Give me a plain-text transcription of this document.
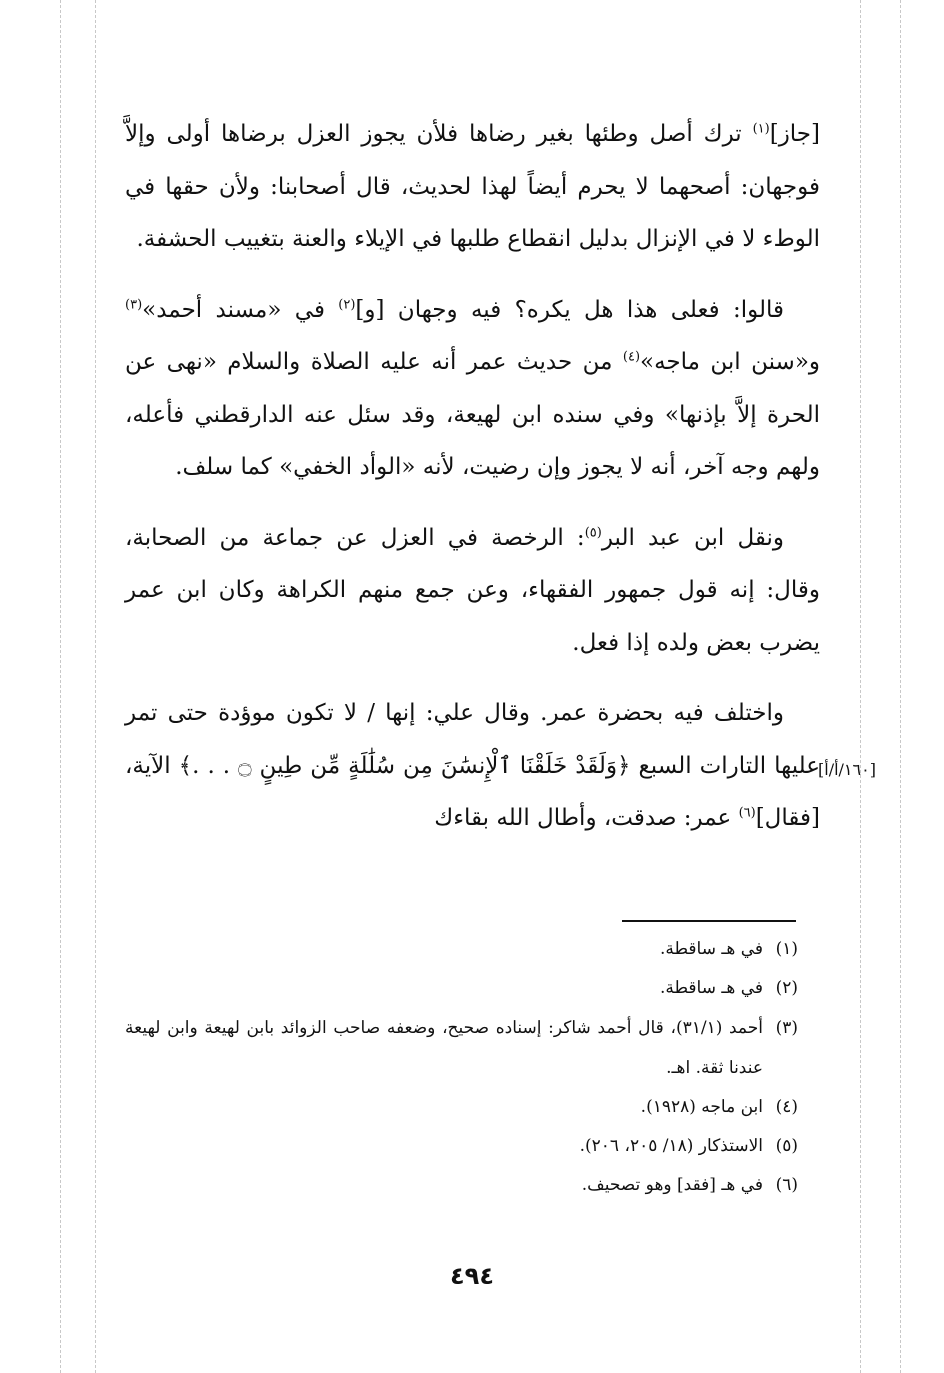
[جاز]$^{(١)}$ ترك أصل وطئها بغير رضاها فلأن يجوز العزل برضاها أولى وإلاَّ فوجهان: أصحهما لا يحرم أيضاً لهذا لحديث، قال أصحابنا: ولأن حقها في الوطء لا في الإنزال بدليل انقطاع طلبها في الإيلاء والعنة بتغييب الحشفة.

قالوا: فعلى هذا هل يكره؟ فيه وجهان [و]$^{(٢)}$ في «مسند أحمد»$^{(٣)}$ و«سنن ابن ماجه»$^{(٤)}$ من حديث عمر أنه عليه الصلاة والسلام «نهى عن الحرة إلاَّ بإذنها» وفي سنده ابن لهيعة، وقد سئل عنه الدارقطني فأعله، ولهم وجه آخر، أنه لا يجوز وإن رضيت، لأنه «الوأد الخفي» كما سلف.

ونقل ابن عبد البر$^{(٥)}$: الرخصة في العزل عن جماعة من الصحابة، وقال: إنه قول جمهور الفقهاء، وعن جمع منهم الكراهة وكان ابن عمر يضرب بعض ولده إذا فعل.

واختلف فيه بحضرة عمر. وقال علي: إنها / لا تكون موؤدة حتى تمر عليها التارات السبع ﴿وَلَقَدْ خَلَقْنَا ٱلْإِنسَٰنَ مِن سُلَٰلَةٍ مِّن طِينٍ ۝ . . .﴾ الآية، [فقال]$^{(٦)}$ عمر: صدقت، وأطال الله بقاءك

[١٦٠/أ/أ]
(١)
في هـ ساقطة.
(٢)
في هـ ساقطة.
(٣)
أحمد (٣١/١)، قال أحمد شاكر: إسناده صحيح، وضعفه صاحب الزوائد بابن لهيعة وابن لهيعة عندنا ثقة. اهـ.
(٤)
ابن ماجه (١٩٢٨).
(٥)
الاستذكار (١٨/ ٢٠٥، ٢٠٦).
(٦)
في هـ [فقد] وهو تصحيف.
٤٩٤
